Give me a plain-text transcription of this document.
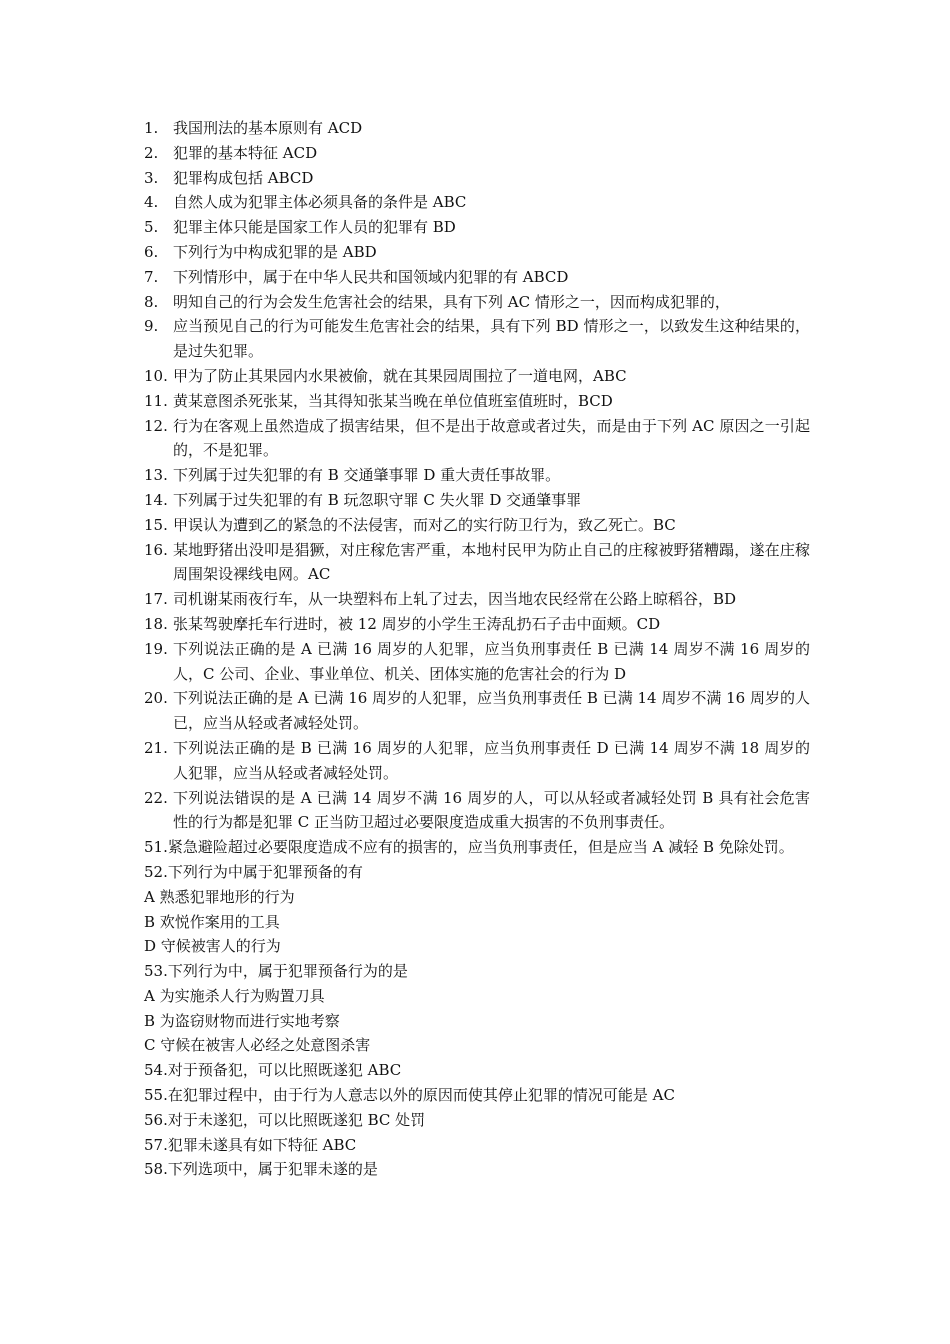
1. 我国刑法的基本原则有 ACD
2. 犯罪的基本特征 ACD
3. 犯罪构成包括 ABCD
4. 自然人成为犯罪主体必须具备的条件是 ABC
5. 犯罪主体只能是国家工作人员的犯罪有 BD
6. 下列行为中构成犯罪的是 ABD
7. 下列情形中，属于在中华人民共和国领域内犯罪的有 ABCD
8. 明知自己的行为会发生危害社会的结果，具有下列 AC 情形之一，因而构成犯罪的，
9. 应当预见自己的行为可能发生危害社会的结果，具有下列 BD 情形之一，以致发生这种结果的，是过失犯罪。
10. 甲为了防止其果园内水果被偷，就在其果园周围拉了一道电网，ABC
11. 黄某意图杀死张某，当其得知张某当晚在单位值班室值班时，BCD
12. 行为在客观上虽然造成了损害结果，但不是出于故意或者过失，而是由于下列 AC 原因之一引起的，不是犯罪。
13. 下列属于过失犯罪的有 B 交通肇事罪 D 重大责任事故罪。
14. 下列属于过失犯罪的有 B 玩忽职守罪 C 失火罪 D 交通肇事罪
15. 甲误认为遭到乙的紧急的不法侵害，而对乙的实行防卫行为，致乙死亡。BC
16. 某地野猪出没叩是猖獗，对庄稼危害严重，本地村民甲为防止自己的庄稼被野猪糟蹋，遂在庄稼周围架设裸线电网。AC
17. 司机谢某雨夜行车，从一块塑料布上轧了过去，因当地农民经常在公路上晾稻谷，BD
18. 张某驾驶摩托车行进时，被 12 周岁的小学生王涛乱扔石子击中面颊。CD
19. 下列说法正确的是 A 已满 16 周岁的人犯罪，应当负刑事责任 B 已满 14 周岁不满 16 周岁的人，C 公司、企业、事业单位、机关、团体实施的危害社会的行为 D
20. 下列说法正确的是 A 已满 16 周岁的人犯罪，应当负刑事责任 B 已满 14 周岁不满 16 周岁的人已，应当从轻或者减轻处罚。
21. 下列说法正确的是 B 已满 16 周岁的人犯罪，应当负刑事责任 D 已满 14 周岁不满 18 周岁的人犯罪，应当从轻或者减轻处罚。
22. 下列说法错误的是 A 已满 14 周岁不满 16 周岁的人，可以从轻或者减轻处罚 B 具有社会危害性的行为都是犯罪 C 正当防卫超过必要限度造成重大损害的不负刑事责任。
51.紧急避险超过必要限度造成不应有的损害的，应当负刑事责任，但是应当 A 减轻 B 免除处罚。
52.下列行为中属于犯罪预备的有
A 熟悉犯罪地形的行为
B 欢悦作案用的工具
D 守候被害人的行为
53.下列行为中，属于犯罪预备行为的是
A 为实施杀人行为购置刀具
B 为盗窃财物而进行实地考察
C 守候在被害人必经之处意图杀害
54.对于预备犯，可以比照既遂犯 ABC
55.在犯罪过程中，由于行为人意志以外的原因而使其停止犯罪的情况可能是 AC
56.对于未遂犯，可以比照既遂犯 BC 处罚
57.犯罪未遂具有如下特征 ABC
58.下列选项中，属于犯罪未遂的是
